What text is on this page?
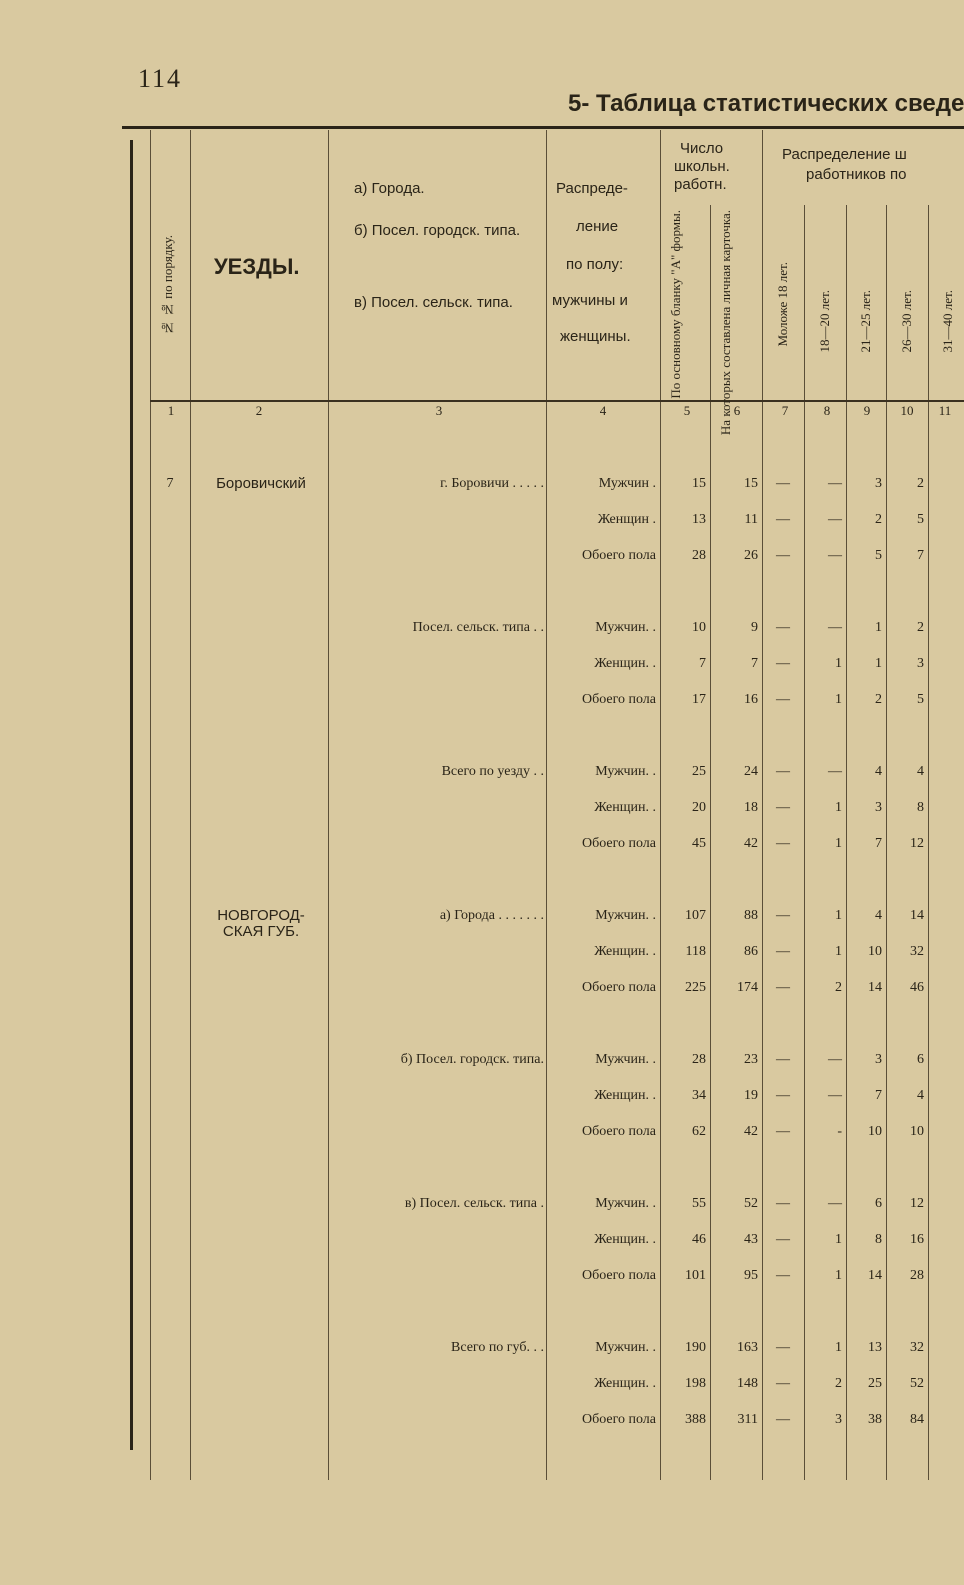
114
5- Таблица статистических сведе
№ № по порядку. УЕЗДЫ.
а) Города.
б) Посел. городск. типа.
в) Посел. сельск. типа.
Распреде-
ление
по полу:
мужчины и
женщины.
Число
школьн.
работн.
По основному бланку "А" формы.	На которых составлена личная карточка.
Распределение ш
работников по
Моложе 18 лет. 18—20 лет. 21—25 лет. 26—30 лет. 31—40 лет.
1	2	3	4	5	6	7	8	9	10	11
7	Боровичский	г. Боровичи . . . . .	Мужчин .	15	15	—	—	3	2
Женщин .	13	11	—	—	2	5
Обоего пола	28	26	—	—	5	7
Посел. сельск. типа . .	Мужчин. .	10	9	—	—	1	2
Женщин. .	7	7	—	1	1	3
Обоего пола	17	16	—	1	2	5
Всего по уезду . .	Мужчин. .	25	24	—	—	4	4
Женщин. .	20	18	—	1	3	8
Обоего пола	45	42	—	1	7	12
НОВГОРОД- СКАЯ ГУБ.
а) Города . . . . . . .	Мужчин. .	107	88	—	1	4	14
Женщин. .	118	86	—	1	10	32
Обоего пола	225	174	—	2	14	46
б) Посел. городск. типа.	Мужчин. .	28	23	—	—	3	6
Женщин. .	34	19	—	—	7	4
Обоего пола	62	42	—	-	10	10
в) Посел. сельск. типа .	Мужчин. .	55	52	—	—	6	12
Женщин. .	46	43	—	1	8	16
Обоего пола	101	95	—	1	14	28
Всего по губ. . .	Мужчин. .	190	163	—	1	13	32
Женщин. .	198	148	—	2	25	52
Обоего пола	388	311	—	3	38	84
